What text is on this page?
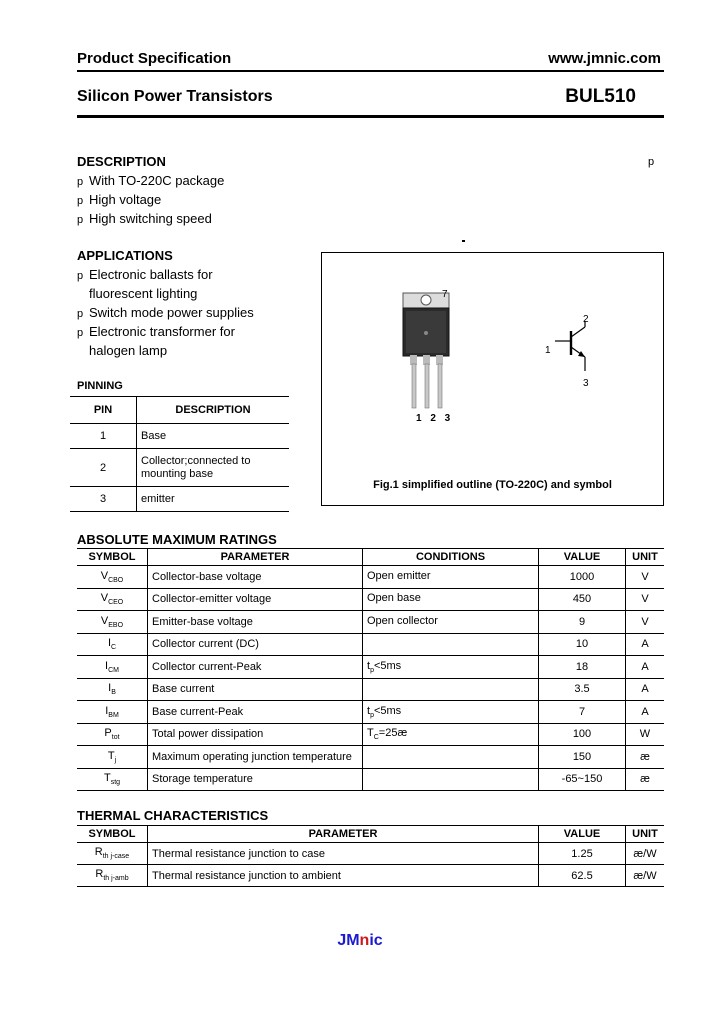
Product Specification	www.jmnic.com
Silicon Power Transistors	BUL510
DESCRIPTION	p
p With TO-220C package
p High voltage
p High switching speed
APPLICATIONS
p Electronic ballasts for
fluorescent lighting
p Switch mode power supplies
p Electronic transformer for
halogen lamp
PINNING
PIN	DESCRIPTION
1	Base
2	Collector;connected to mounting base
3	emitter
7
1 2 3
1
2
3
Fig.1 simplified outline (TO-220C) and symbol
ABSOLUTE MAXIMUM RATINGS
SYMBOL	PARAMETER	CONDITIONS	VALUE	UNIT
$V_{CBO}$	Collector-base voltage	Open emitter	1000	V
$V_{CEO}$	Collector-emitter voltage	Open base	450	V
$V_{EBO}$	Emitter-base voltage	Open collector	9	V
$I_C$	Collector current (DC)		10	A
$I_{CM}$	Collector current-Peak	$t_p<5ms$	18	A
$I_B$	Base current		3.5	A
$I_{BM}$	Base current-Peak	$t_p<5ms$	7	A
$P_{tot}$	Total power dissipation	$T_C=25æ$	100	W
$T_j$	Maximum operating junction temperature		150	æ
$T_{stg}$	Storage temperature		-65~150	æ
THERMAL CHARACTERISTICS
SYMBOL	PARAMETER	VALUE	UNIT
$R_{th j-case}$	Thermal resistance junction to case	1.25	æ/W
$R_{th j-amb}$	Thermal resistance junction to ambient	62.5	æ/W
JMnic
